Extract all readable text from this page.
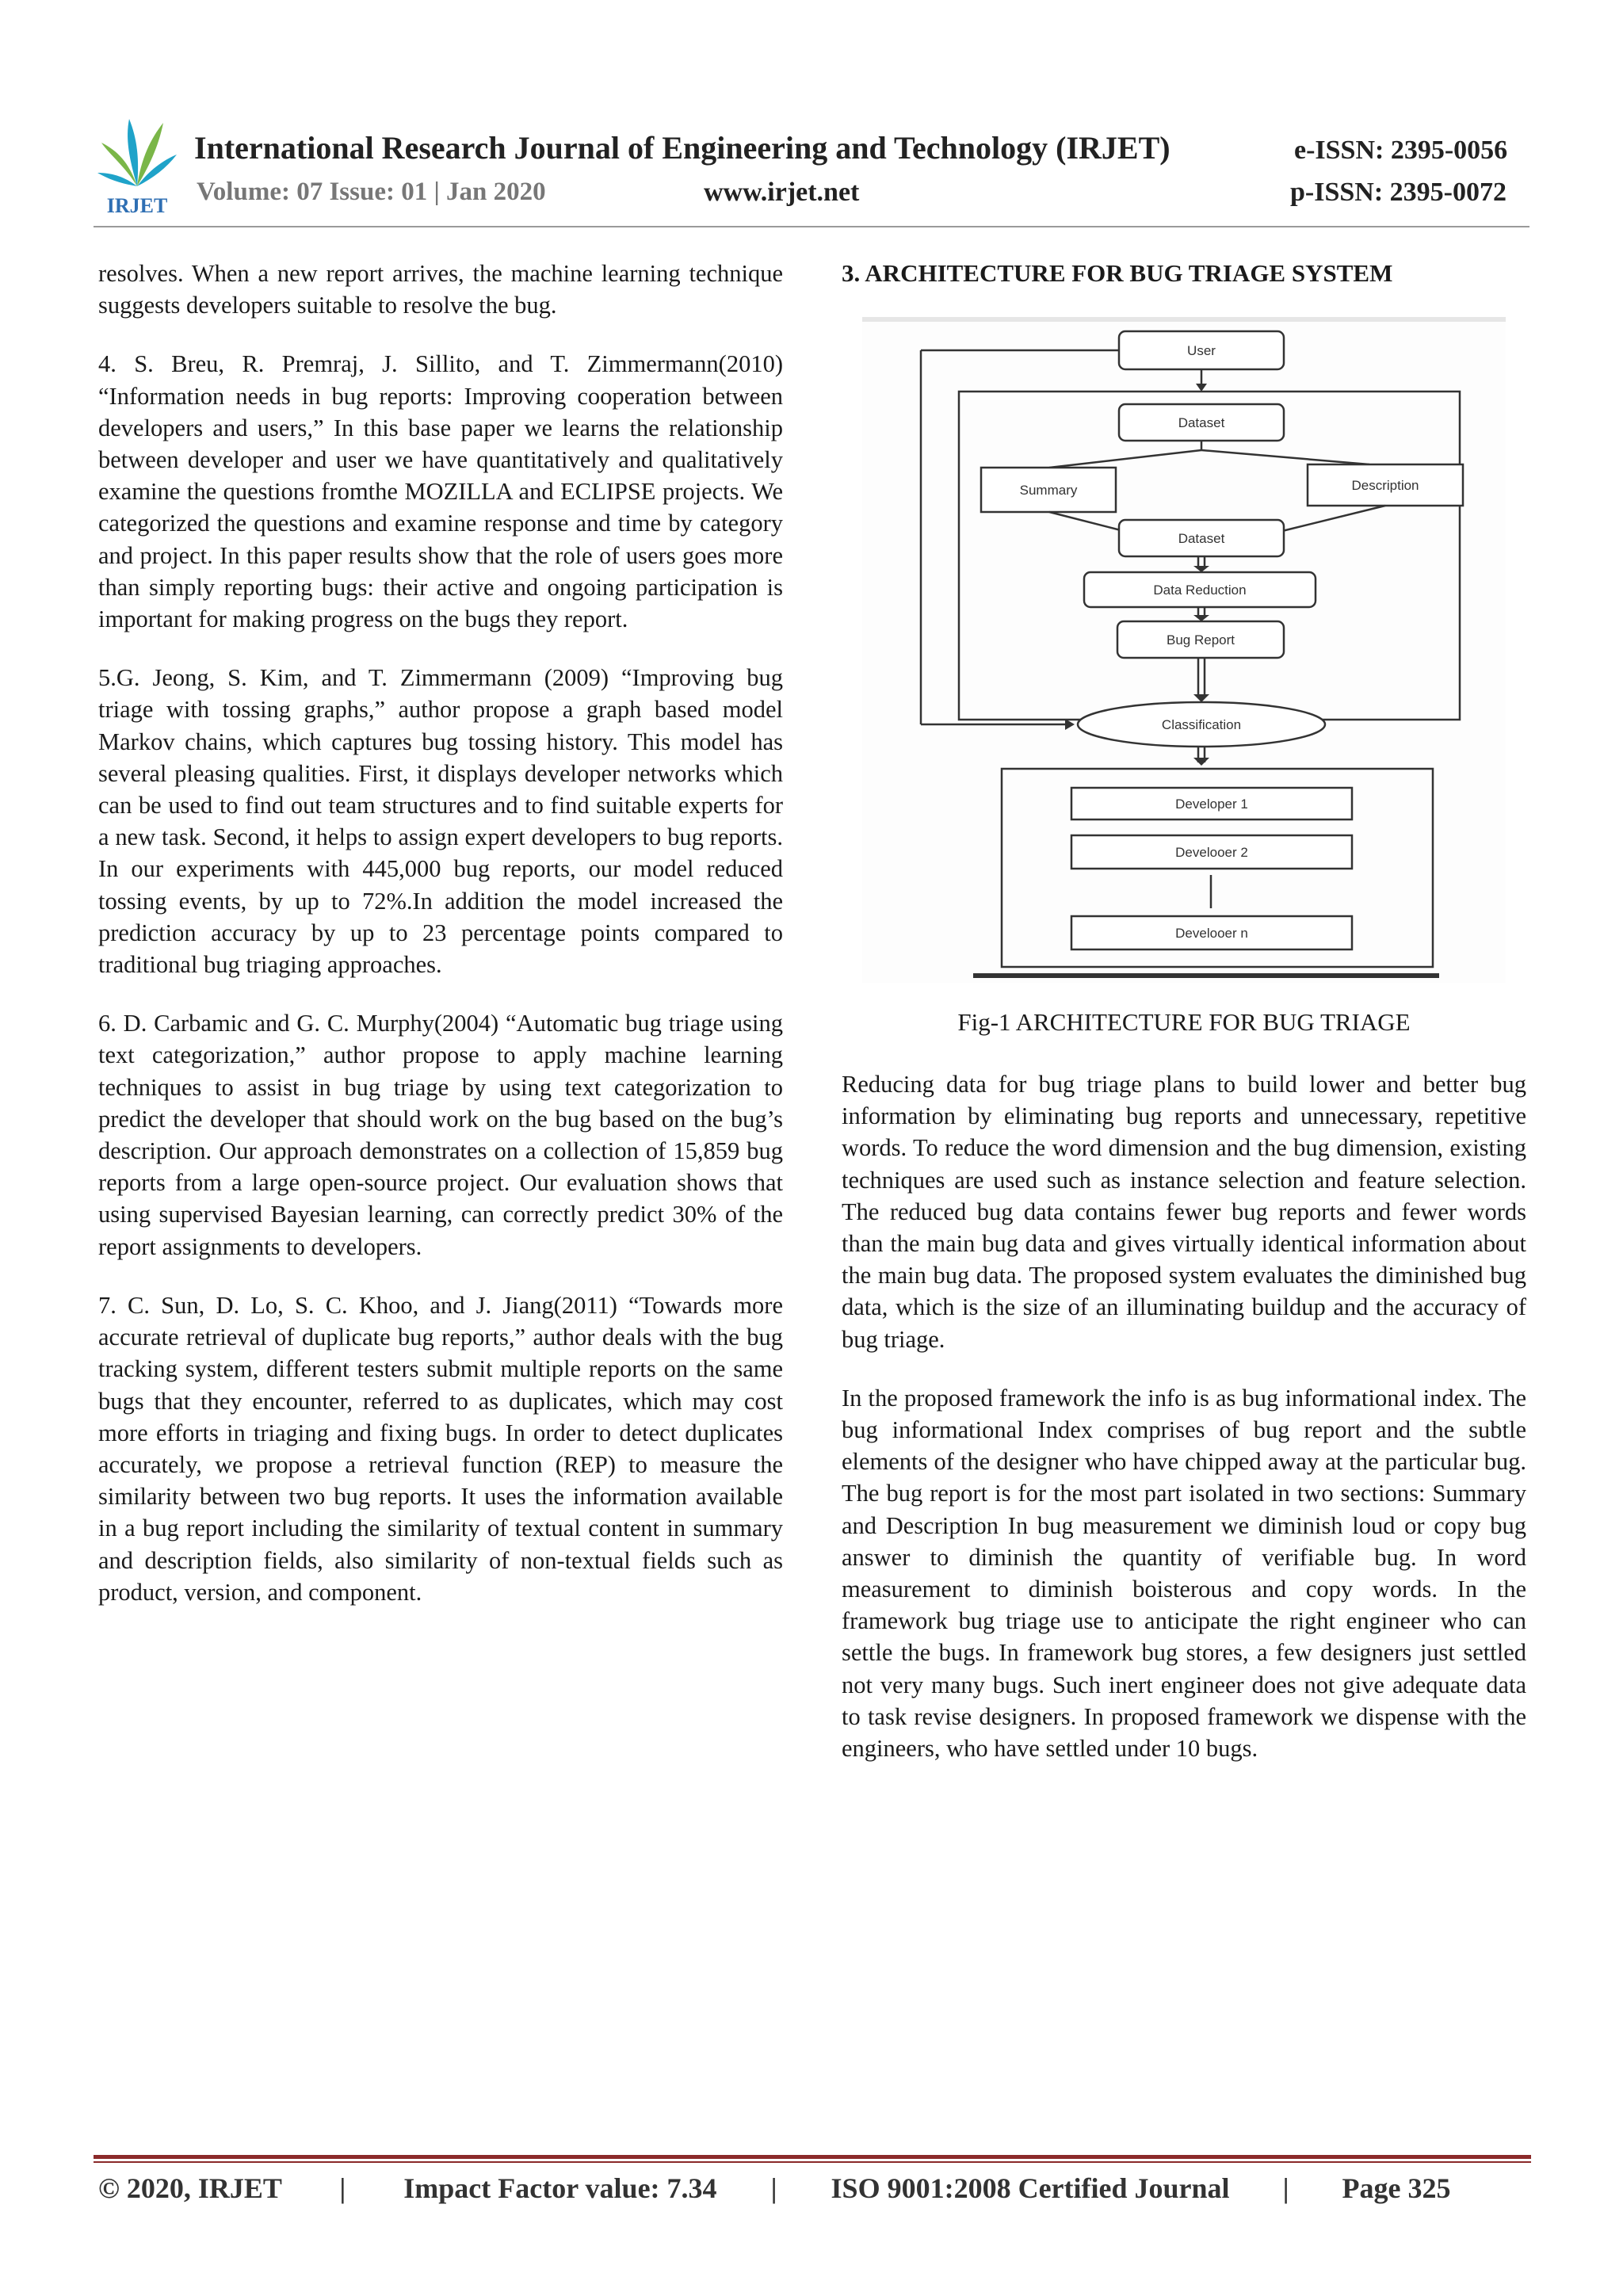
IRJET
International Research Journal of Engineering and Technology (IRJET)	e-ISSN: 2395-0056
Volume: 07 Issue: 01 | Jan 2020	www.irjet.net	p-ISSN: 2395-0072

resolves. When a new report arrives, the machine learning technique suggests developers suitable to resolve the bug.

4. S. Breu, R. Premraj, J. Sillito, and T. Zimmermann(2010) “Information needs in bug reports: Improving cooperation between developers and users,” In this base paper we learns the relationship between developer and user we have quantitatively and qualitatively examine the questions fromthe MOZILLA and ECLIPSE projects. We categorized the questions and examine response and time by category and project. In this paper results show that the role of users goes more than simply reporting bugs: their active and ongoing participation is important for making progress on the bugs they report.

5.G. Jeong, S. Kim, and T. Zimmermann (2009) “Improving bug triage with tossing graphs,” author propose a graph based model Markov chains, which captures bug tossing history. This model has several pleasing qualities. First, it displays developer networks which can be used to find out team structures and to find suitable experts for a new task. Second, it helps to assign expert developers to bug reports. In our experiments with 445,000 bug reports, our model reduced tossing events, by up to 72%.In addition the model increased the prediction accuracy by up to 23 percentage points compared to traditional bug triaging approaches.

6. D. Carbamic and G. C. Murphy(2004) “Automatic bug triage using text categorization,” author propose to apply machine learning techniques to assist in bug triage by using text categorization to predict the developer that should work on the bug based on the bug’s description. Our approach demonstrates on a collection of 15,859 bug reports from a large open-source project. Our evaluation shows that using supervised Bayesian learning, can correctly predict 30% of the report assignments to developers.

7. C. Sun, D. Lo, S. C. Khoo, and J. Jiang(2011) “Towards more accurate retrieval of duplicate bug reports,” author deals with the bug tracking system, different testers submit multiple reports on the same bugs that they encounter, referred to as duplicates, which may cost more efforts in triaging and fixing bugs. In order to detect duplicates accurately, we propose a retrieval function (REP) to measure the similarity between two bug reports. It uses the information available in a bug report including the similarity of textual content in summary and description fields, also similarity of non-textual fields such as product, version, and component.

3. ARCHITECTURE FOR BUG TRIAGE SYSTEM

User
Dataset
Summary	Description
Dataset
Data Reduction
Bug Report
Classification
Developer 1
Develooer 2
Develooer n
Fig-1 ARCHITECTURE FOR BUG TRIAGE

Reducing data for bug triage plans to build lower and better bug information by eliminating bug reports and unnecessary, repetitive words. To reduce the word dimension and the bug dimension, existing techniques are used such as instance selection and feature selection. The reduced bug data contains fewer bug reports and fewer words than the main bug data and gives virtually identical information about the main bug data. The proposed system evaluates the diminished bug data, which is the size of an illuminating buildup and the accuracy of bug triage.

In the proposed framework the info is as bug informational index. The bug informational Index comprises of bug report and the subtle elements of the designer who have chipped away at the particular bug. The bug report is for the most part isolated in two sections: Summary and Description In bug measurement we diminish loud or copy bug answer to diminish the quantity of verifiable bug. In word measurement to diminish boisterous and copy words. In the framework bug triage use to anticipate the right engineer who can settle the bugs. In framework bug stores, a few designers just settled not very many bugs. Such inert engineer does not give adequate data to task revise designers. In proposed framework we dispense with the engineers, who have settled under 10 bugs.

© 2020, IRJET | Impact Factor value: 7.34 | ISO 9001:2008 Certified Journal | Page 325
